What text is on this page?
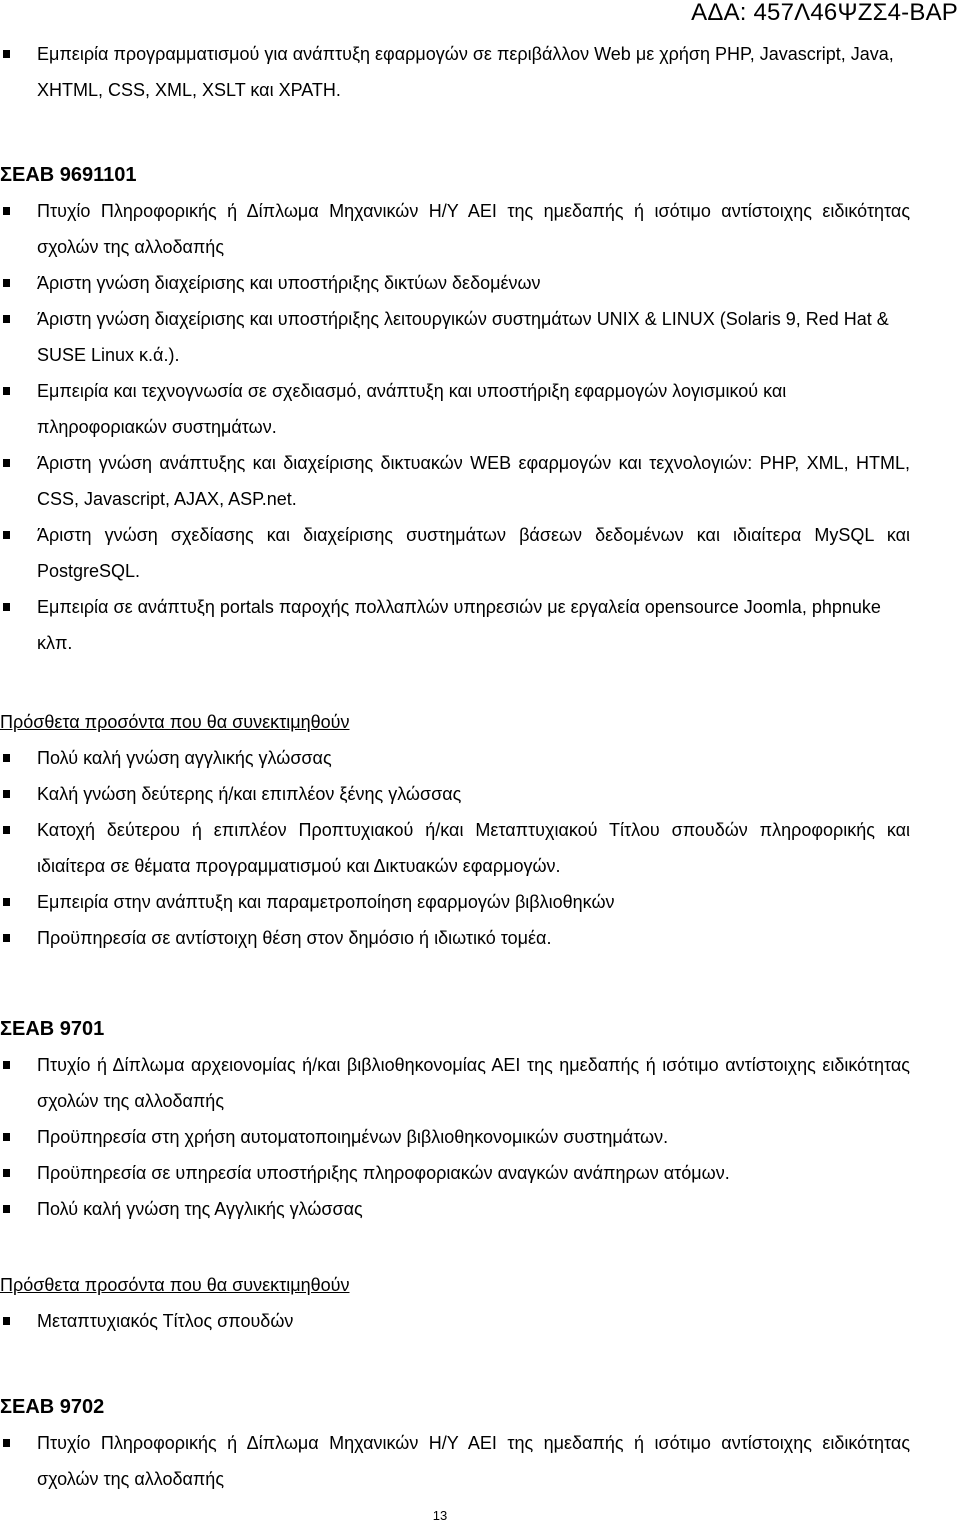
ΑΔΑ: 457Λ46ΨΖΣ4-ΒΑΡ
Εμπειρία προγραμματισμού για ανάπτυξη εφαρμογών σε περιβάλλον Web με χρήση PHP, Javascript, Java, XHTML, CSS, XML, XSLT και XPATH.
ΣΕΑΒ 9691101
Πτυχίο Πληροφορικής ή Δίπλωμα Μηχανικών Η/Υ ΑΕΙ της ημεδαπής ή ισότιμο αντίστοιχης ειδικότητας σχολών της αλλοδαπής
Άριστη γνώση διαχείρισης και υποστήριξης δικτύων δεδομένων
Άριστη γνώση διαχείρισης και υποστήριξης λειτουργικών συστημάτων UNIX & LINUX (Solaris 9, Red Hat & SUSE Linux κ.ά.).
Εμπειρία και τεχνογνωσία σε σχεδιασμό, ανάπτυξη και υποστήριξη εφαρμογών λογισμικού και πληροφοριακών συστημάτων.
Άριστη γνώση ανάπτυξης και διαχείρισης δικτυακών WEB εφαρμογών και τεχνολογιών: PHP, XML, HTML, CSS, Javascript, AJAX, ASP.net.
Άριστη γνώση σχεδίασης και διαχείρισης συστημάτων βάσεων δεδομένων και ιδιαίτερα MySQL και PostgreSQL.
Εμπειρία σε ανάπτυξη portals παροχής πολλαπλών υπηρεσιών με εργαλεία opensource Joomla, phpnuke κλπ.
Πρόσθετα προσόντα που θα συνεκτιμηθούν
Πολύ καλή γνώση αγγλικής γλώσσας
Καλή γνώση δεύτερης ή/και επιπλέον ξένης γλώσσας
Κατοχή δεύτερου ή επιπλέον Προπτυχιακού ή/και Μεταπτυχιακού Τίτλου σπουδών πληροφορικής και ιδιαίτερα σε θέματα προγραμματισμού και Δικτυακών εφαρμογών.
Εμπειρία στην ανάπτυξη και παραμετροποίηση εφαρμογών βιβλιοθηκών
Προϋπηρεσία σε αντίστοιχη θέση στον δημόσιο ή ιδιωτικό τομέα.
ΣΕΑΒ 9701
Πτυχίο ή Δίπλωμα αρχειονομίας ή/και βιβλιοθηκονομίας ΑΕΙ της ημεδαπής ή ισότιμο αντίστοιχης ειδικότητας σχολών της αλλοδαπής
Προϋπηρεσία στη χρήση αυτοματοποιημένων βιβλιοθηκονομικών συστημάτων.
Προϋπηρεσία σε υπηρεσία υποστήριξης πληροφοριακών αναγκών ανάπηρων ατόμων.
Πολύ καλή γνώση της Αγγλικής γλώσσας
Πρόσθετα προσόντα που θα συνεκτιμηθούν
Μεταπτυχιακός Τίτλος σπουδών
ΣΕΑΒ 9702
Πτυχίο Πληροφορικής ή Δίπλωμα Μηχανικών Η/Υ ΑΕΙ της ημεδαπής ή ισότιμο αντίστοιχης ειδικότητας σχολών της αλλοδαπής
13
